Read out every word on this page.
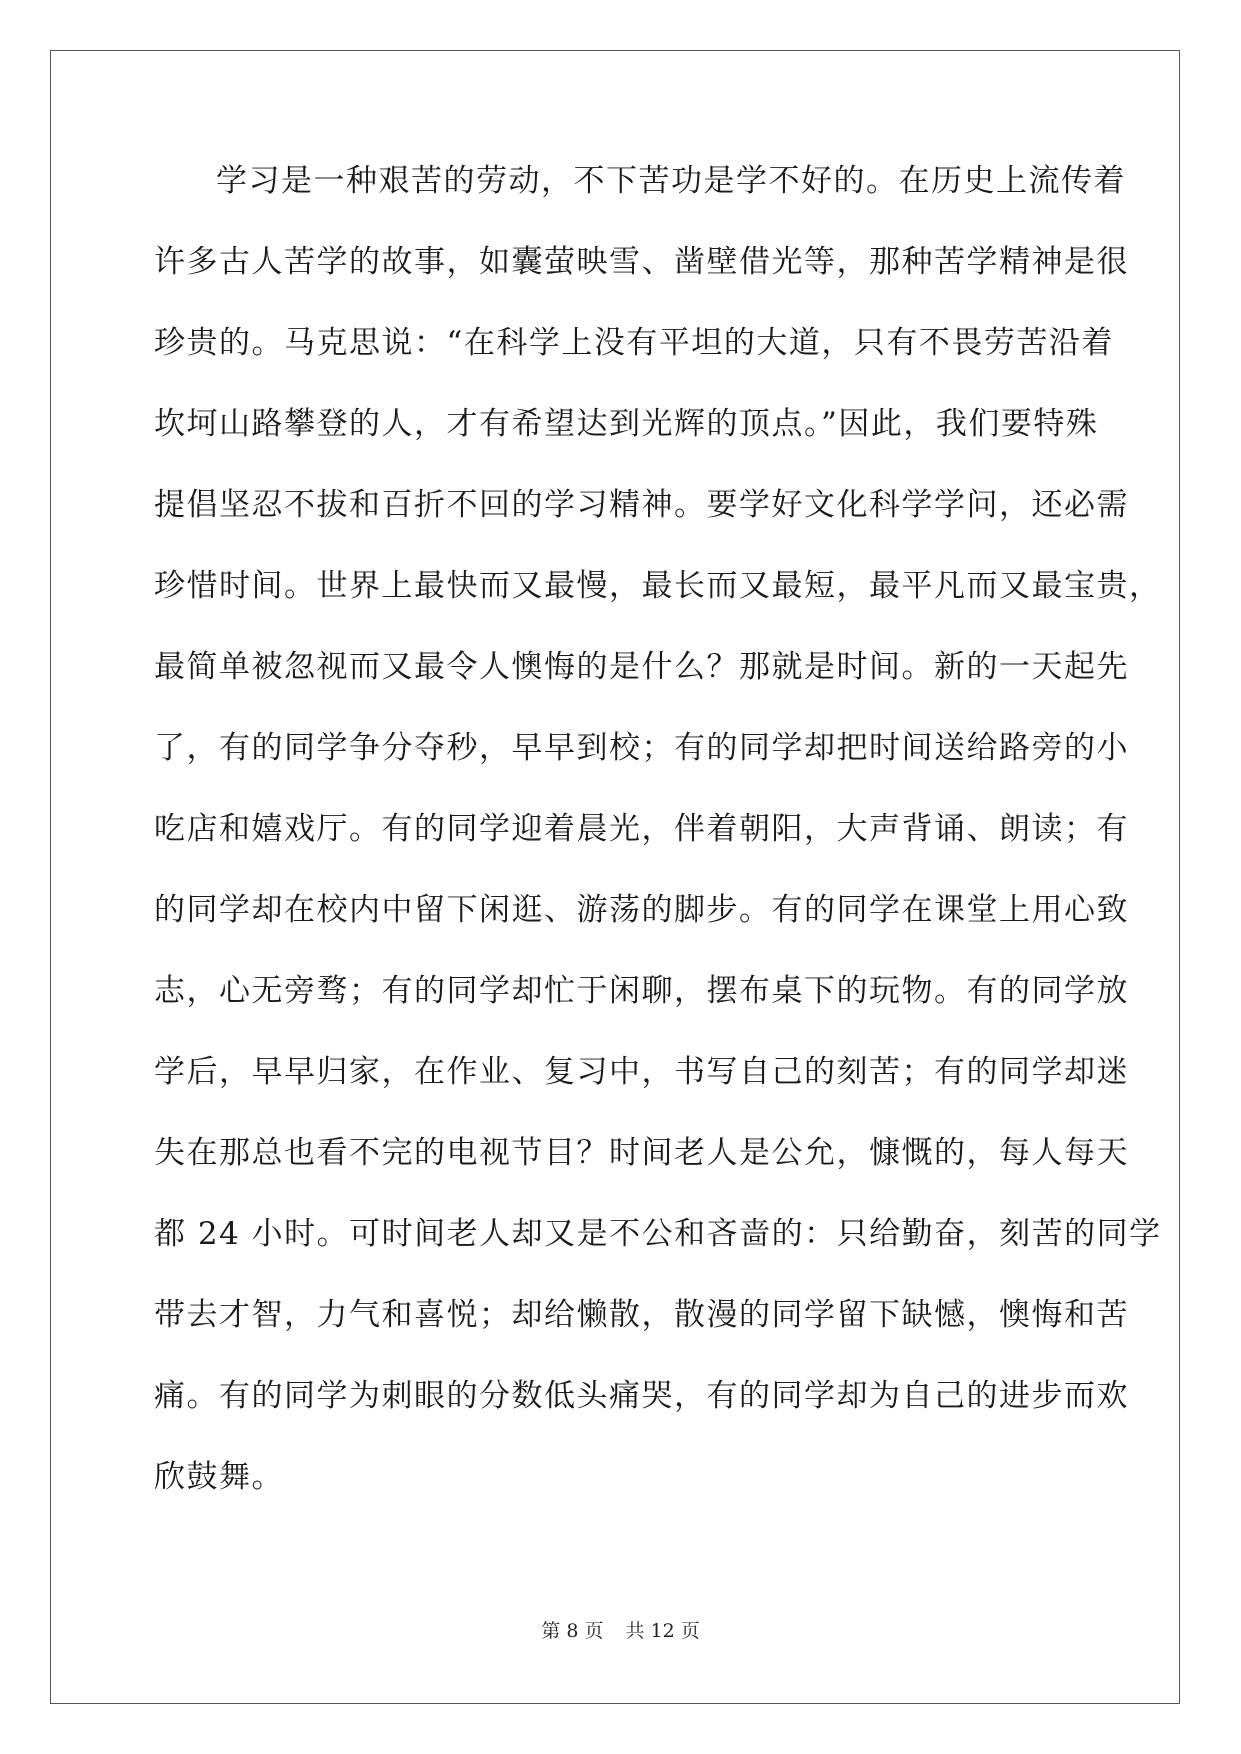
学习是一种艰苦的劳动，不下苦功是学不好的。在历史上流传着
许多古人苦学的故事，如囊萤映雪、凿壁借光等，那种苦学精神是很
珍贵的。马克思说：“在科学上没有平坦的大道，只有不畏劳苦沿着
坎坷山路攀登的人，才有希望达到光辉的顶点。”因此，我们要特殊
提倡坚忍不拔和百折不回的学习精神。要学好文化科学学问，还必需
珍惜时间。世界上最快而又最慢，最长而又最短，最平凡而又最宝贵，
最简单被忽视而又最令人懊悔的是什么？那就是时间。新的一天起先
了，有的同学争分夺秒，早早到校；有的同学却把时间送给路旁的小
吃店和嬉戏厅。有的同学迎着晨光，伴着朝阳，大声背诵、朗读；有
的同学却在校内中留下闲逛、游荡的脚步。有的同学在课堂上用心致
志，心无旁骛；有的同学却忙于闲聊，摆布桌下的玩物。有的同学放
学后，早早归家，在作业、复习中，书写自己的刻苦；有的同学却迷
失在那总也看不完的电视节目？时间老人是公允，慷慨的，每人每天
都 24 小时。可时间老人却又是不公和吝啬的：只给勤奋，刻苦的同学
带去才智，力气和喜悦；却给懒散，散漫的同学留下缺憾，懊悔和苦
痛。有的同学为刺眼的分数低头痛哭，有的同学却为自己的进步而欢
欣鼓舞。
第 8 页 共 12 页
